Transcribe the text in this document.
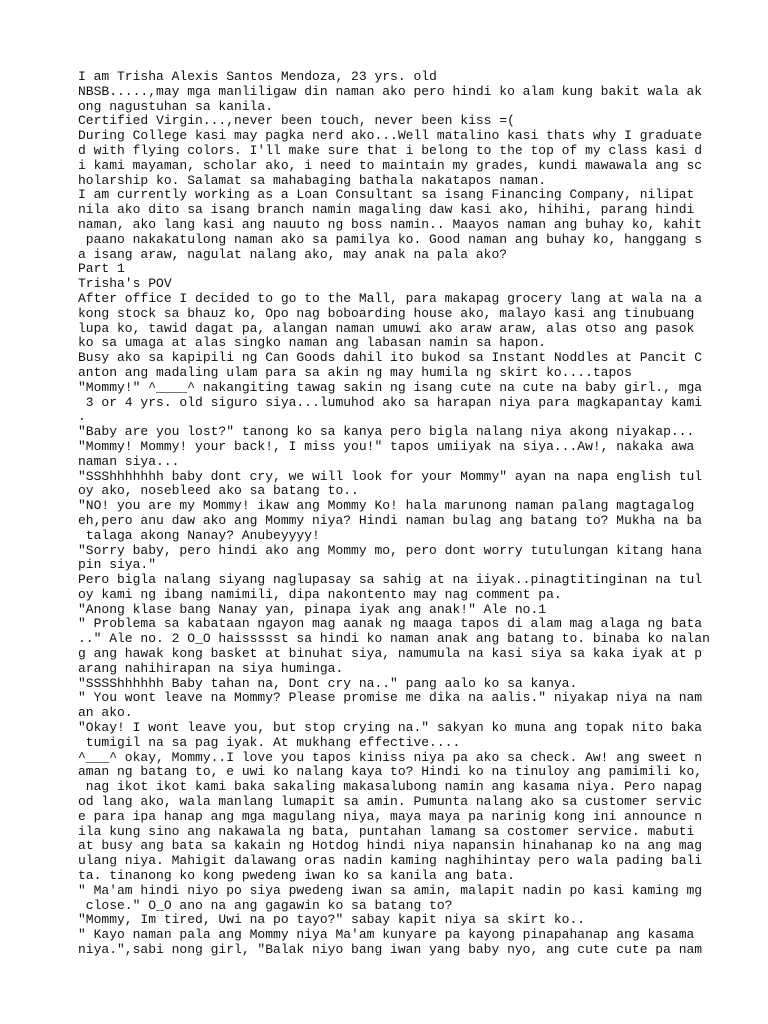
I am Trisha Alexis Santos Mendoza, 23 yrs. old
NBSB.....,may mga manliligaw din naman ako pero hindi ko alam kung bakit wala ak
ong nagustuhan sa kanila.
Certified Virgin...,never been touch, never been kiss =(
During College kasi may pagka nerd ako...Well matalino kasi thats why I graduate
d with flying colors. I'll make sure that i belong to the top of my class kasi d
i kami mayaman, scholar ako, i need to maintain my grades, kundi mawawala ang sc
holarship ko. Salamat sa mahabaging bathala nakatapos naman.
I am currently working as a Loan Consultant sa isang Financing Company, nilipat
nila ako dito sa isang branch namin magaling daw kasi ako, hihihi, parang hindi
naman, ako lang kasi ang nauuto ng boss namin.. Maayos naman ang buhay ko, kahit
paano nakakatulong naman ako sa pamilya ko. Good naman ang buhay ko, hanggang s
a isang araw, nagulat nalang ako, may anak na pala ako?
Part 1
Trisha's POV
After office I decided to go to the Mall, para makapag grocery lang at wala na a
kong stock sa bhauz ko, Opo nag boboarding house ako, malayo kasi ang tinubuang
lupa ko, tawid dagat pa, alangan naman umuwi ako araw araw, alas otso ang pasok
ko sa umaga at alas singko naman ang labasan namin sa hapon.
Busy ako sa kapipili ng Can Goods dahil ito bukod sa Instant Noddles at Pancit C
anton ang madaling ulam para sa akin ng may humila ng skirt ko....tapos
"Mommy!" ^____^ nakangiting tawag sakin ng isang cute na cute na baby girl., mga
3 or 4 yrs. old siguro siya...lumuhod ako sa harapan niya para magkapantay kami
.
"Baby are you lost?" tanong ko sa kanya pero bigla nalang niya akong niyakap...
"Mommy! Mommy! your back!, I miss you!" tapos umiiyak na siya...Aw!, nakaka awa
naman siya...
"SSShhhhhhh baby dont cry, we will look for your Mommy" ayan na napa english tul
oy ako, nosebleed ako sa batang to..
"NO! you are my Mommy! ikaw ang Mommy Ko! hala marunong naman palang magtagalog
eh,pero anu daw ako ang Mommy niya? Hindi naman bulag ang batang to? Mukha na ba
talaga akong Nanay? Anubeyyyy!
"Sorry baby, pero hindi ako ang Mommy mo, pero dont worry tutulungan kitang hana
pin siya."
Pero bigla nalang siyang naglupasay sa sahig at na iiyak..pinagtitinginan na tul
oy kami ng ibang namimili, dipa nakontento may nag comment pa.
"Anong klase bang Nanay yan, pinapa iyak ang anak!" Ale no.1
" Problema sa kabataan ngayon mag aanak ng maaga tapos di alam mag alaga ng bata
.." Ale no. 2 O_O haissssst sa hindi ko naman anak ang batang to. binaba ko nalan
g ang hawak kong basket at binuhat siya, namumula na kasi siya sa kaka iyak at p
arang nahihirapan na siya huminga.
"SSSShhhhhh Baby tahan na, Dont cry na.." pang aalo ko sa kanya.
" You wont leave na Mommy? Please promise me dika na aalis." niyakap niya na nam
an ako.
"Okay! I wont leave you, but stop crying na." sakyan ko muna ang topak nito baka
tumigil na sa pag iyak. At mukhang effective....
^___^ okay, Mommy..I love you tapos kiniss niya pa ako sa check. Aw! ang sweet n
aman ng batang to, e uwi ko nalang kaya to? Hindi ko na tinuloy ang pamimili ko,
nag ikot ikot kami baka sakaling makasalubong namin ang kasama niya. Pero napag
od lang ako, wala manlang lumapit sa amin. Pumunta nalang ako sa customer servic
e para ipa hanap ang mga magulang niya, maya maya pa narinig kong ini announce n
ila kung sino ang nakawala ng bata, puntahan lamang sa costomer service. mabuti
at busy ang bata sa kakain ng Hotdog hindi niya napansin hinahanap ko na ang mag
ulang niya. Mahigit dalawang oras nadin kaming naghihintay pero wala pading bali
ta. tinanong ko kong pwedeng iwan ko sa kanila ang bata.
" Ma'am hindi niyo po siya pwedeng iwan sa amin, malapit nadin po kasi kaming mg
close." O_O ano na ang gagawin ko sa batang to?
"Mommy, Im tired, Uwi na po tayo?" sabay kapit niya sa skirt ko..
" Kayo naman pala ang Mommy niya Ma'am kunyare pa kayong pinapahanap ang kasama
niya.",sabi nong girl, "Balak niyo bang iwan yang baby nyo, ang cute cute pa nam
